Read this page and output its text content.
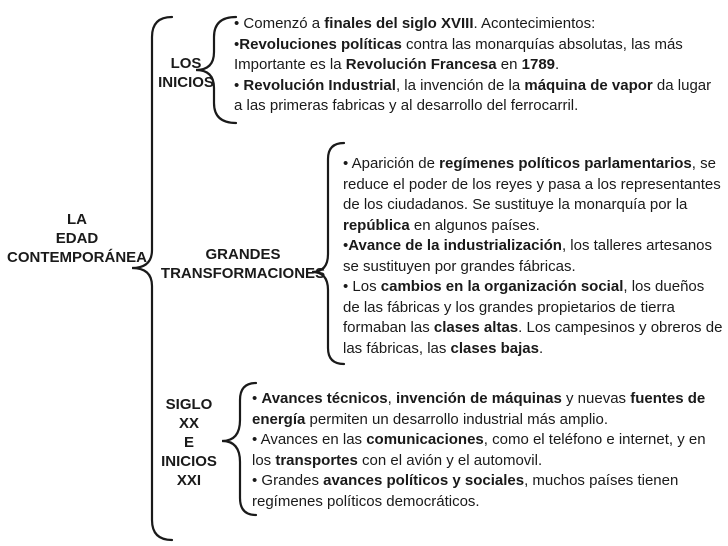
LA
EDAD
CONTEMPORÁNEA
LOS
INICIOS
GRANDES
TRANSFORMACIONES
SIGLO
XX
E
INICIOS
XXI

• Comenzó a finales del siglo XVIII. Acontecimientos:

•Revoluciones políticas contra las monarquías absolutas, las más Importante es la Revolución Francesa en 1789.

• Revolución Industrial, la invención de la máquina de vapor da lugar a las primeras fabricas y al desarrollo del ferrocarril.

• Aparición de regímenes políticos parlamentarios, se reduce el poder de los reyes y pasa a los representantes de los ciudadanos. Se sustituye la monarquía por la república en algunos países.

•Avance de la industrialización, los talleres artesanos se sustituyen por grandes fábricas.

• Los cambios en la organización social, los dueños de las fábricas y los grandes propietarios de tierra formaban las clases altas. Los campesinos y obreros de las fábricas, las clases bajas.

• Avances técnicos, invención de máquinas y nuevas fuentes de energía permiten un desarrollo industrial más amplio.

• Avances en las comunicaciones, como el teléfono e internet, y en los transportes con el avión y el automovil.

• Grandes avances políticos y sociales, muchos países tienen regímenes políticos democráticos.
